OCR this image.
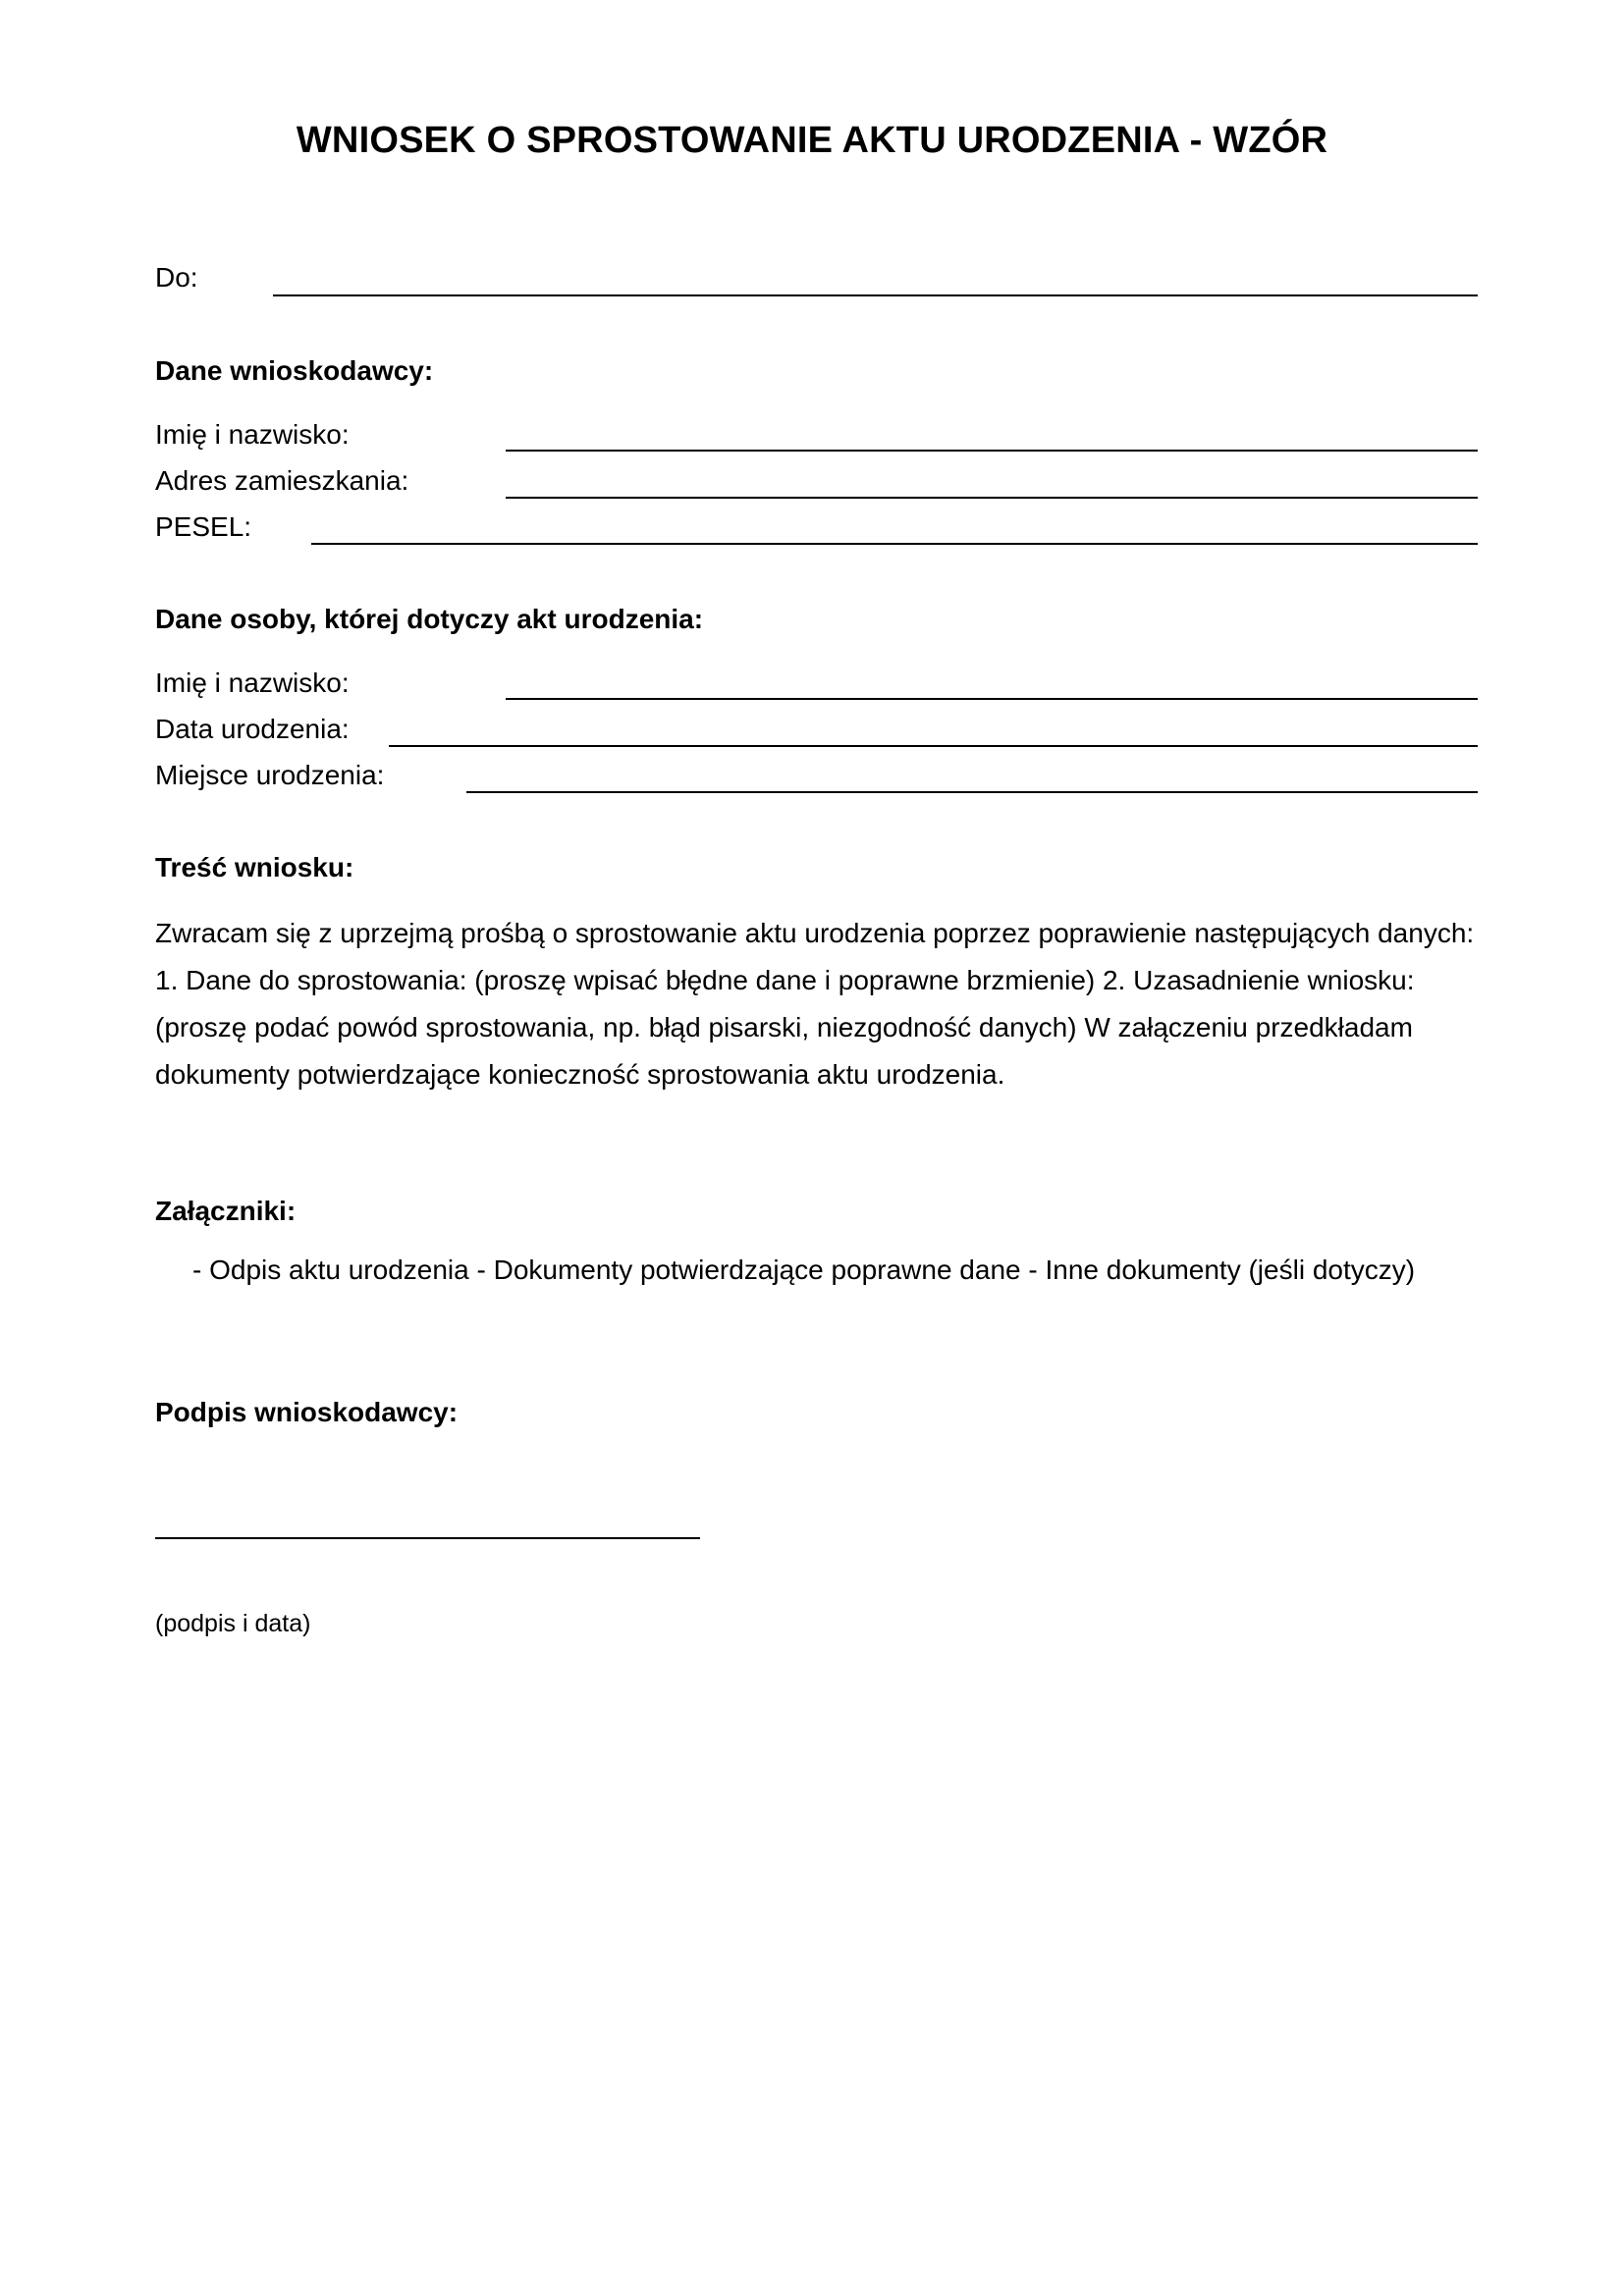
WNIOSEK O SPROSTOWANIE AKTU URODZENIA - WZÓR
Do:
Dane wnioskodawcy:
Imię i nazwisko:
Adres zamieszkania:
PESEL:
Dane osoby, której dotyczy akt urodzenia:
Imię i nazwisko:
Data urodzenia:
Miejsce urodzenia:
Treść wniosku:
Zwracam się z uprzejmą prośbą o sprostowanie aktu urodzenia poprzez poprawienie następujących danych: 1. Dane do sprostowania: (proszę wpisać błędne dane i poprawne brzmienie) 2. Uzasadnienie wniosku: (proszę podać powód sprostowania, np. błąd pisarski, niezgodność danych) W załączeniu przedkładam dokumenty potwierdzające konieczność sprostowania aktu urodzenia.
Załączniki:
- Odpis aktu urodzenia - Dokumenty potwierdzające poprawne dane - Inne dokumenty (jeśli dotyczy)
Podpis wnioskodawcy:
(podpis i data)
